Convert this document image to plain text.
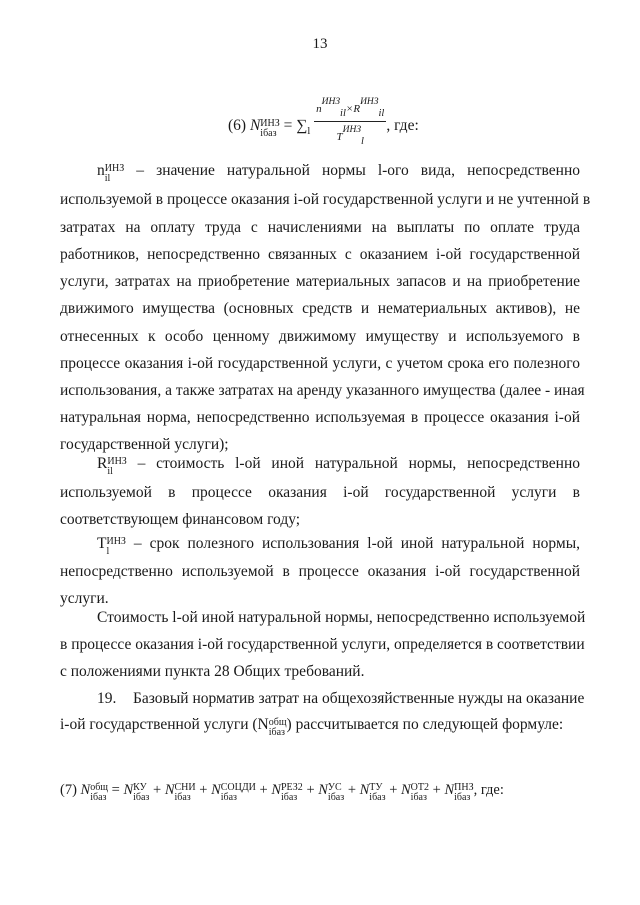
13
(6) N ИНЗ
iбаз = $\sum_l \frac{\text{nИНЗil×RИНЗil}}{\text{TИНЗl}}$ , где:
n ИНЗ
il	– значение натуральной нормы l-ого вида, непосредственно
используемой в процессе оказания i-ой государственной услуги и не учтенной в
затратах на оплату труда с начислениями на выплаты по оплате труда
работников, непосредственно связанных с оказанием i-ой государственной
услуги, затратах на приобретение материальных запасов и на приобретение
движимого имущества (основных средств и нематериальных активов), не
отнесенных к особо ценному движимому имуществу и используемого в
процессе оказания i-ой государственной услуги, с учетом срока его полезного
использования, а также затратах на аренду указанного имущества (далее - иная
натуральная норма, непосредственно используемая в процессе оказания i-ой
государственной услуги);
R ИНЗ
il	– стоимость l-ой иной натуральной нормы, непосредственно
используемой в процессе оказания i-ой государственной услуги в
соответствующем финансовом году;
T ИНЗ
l	– срок полезного использования l-ой иной натуральной нормы,
непосредственно используемой в процессе оказания i-ой государственной
услуги.
Стоимость l-ой иной натуральной нормы, непосредственно используемой
в процессе оказания i-ой государственной услуги, определяется в соответствии
с положениями пункта 28 Общих требований.
19. Базовый норматив затрат на общехозяйственные нужды на оказание
i-ой государственной услуги (N общ
iбаз ) рассчитывается по следующей формуле:
(7) N общ
iбаз = N КУ
iбаз + N СНИ
iбаз + N СОЦДИ
iбаз	+ N РЕЗ2
iбаз + N УС
iбаз + N ТУ
iбаз + N ОТ2
iбаз + N ПНЗ
iбаз , где:
